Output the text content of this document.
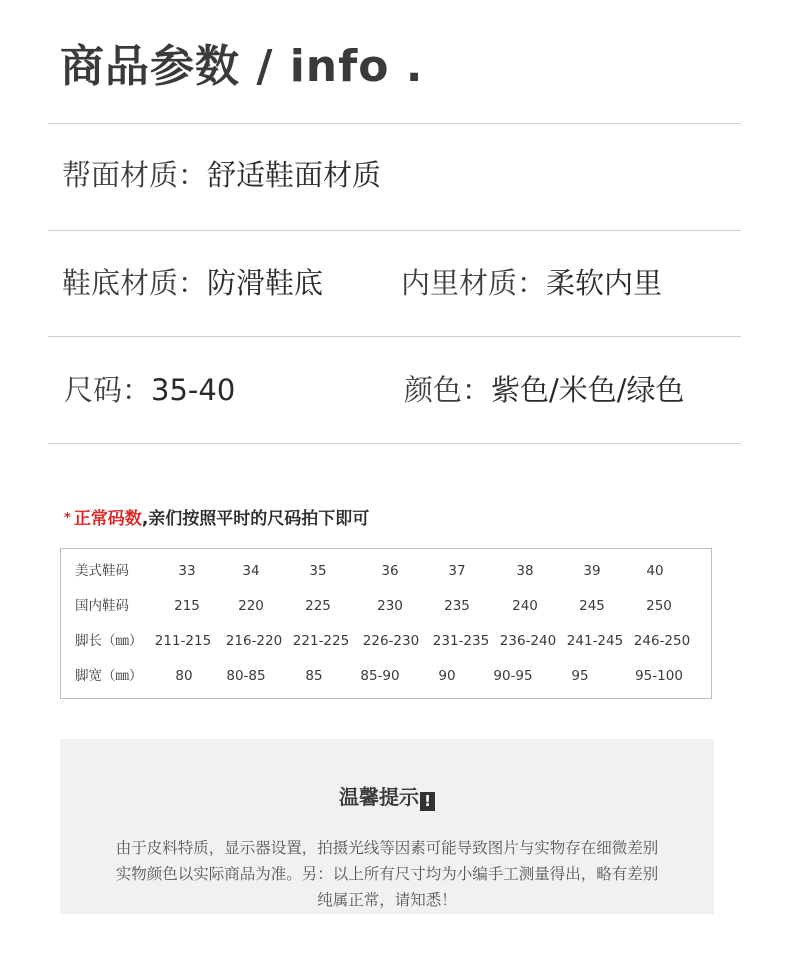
商品参数 / info .
帮面材质：舒适鞋面材质
鞋底材质：防滑鞋底	内里材质：柔软内里
尺码：35-40	颜色：紫色/米色/绿色
* 正常码数,亲们按照平时的尺码拍下即可
美式鞋码	33	34	35	36	37	38	39	40
国内鞋码	215	220	225	230	235	240	245	250
脚长（㎜） 211-215 216-220 221-225 226-230 231-235 236-240 241-245 246-250
脚宽（㎜） 80	80-85	85	85-90	90	90-95	95	95-100
温馨提示 !
由于皮料特质，显示器设置，拍摄光线等因素可能导致图片与实物存在细微差别
实物颜色以实际商品为准。另：以上所有尺寸均为小编手工测量得出，略有差别
纯属正常，请知悉！
